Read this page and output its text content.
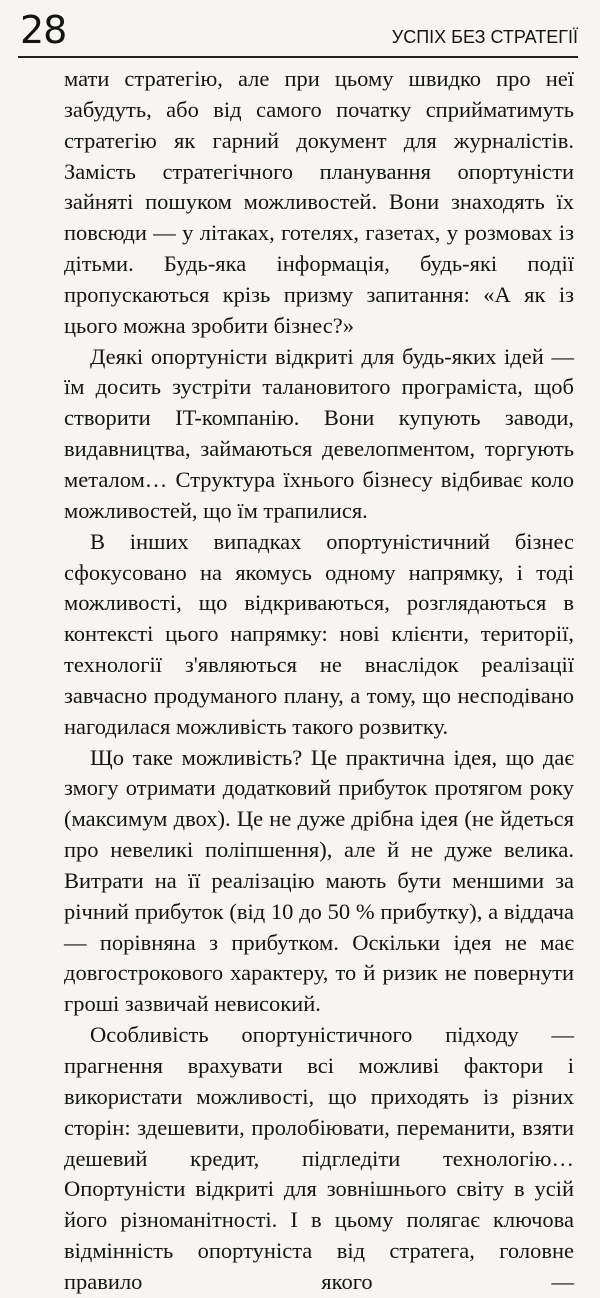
28	УСПІХ БЕЗ СТРАТЕГІЇ

мати стратегію, але при цьому швидко про неї забудуть, або від самого початку сприйматимуть стратегію як гарний документ для журналістів. Замість стратегічного планування опортуністи зайняті пошуком можливостей. Вони знаходять їх повсюди — у літаках, готелях, газетах, у розмовах із дітьми. Будь-яка інформація, будь-які події пропускаються крізь призму запитання: «А як із цього можна зробити бізнес?»

Деякі опортуністи відкриті для будь-яких ідей — їм досить зустріти талановитого програміста, щоб створити IT-компанію. Вони купують заводи, видавництва, займаються девелопментом, торгують металом… Структура їхнього бізнесу відбиває коло можливостей, що їм трапилися.

В інших випадках опортуністичний бізнес сфокусовано на якомусь одному напрямку, і тоді можливості, що відкриваються, розглядаються в контексті цього напрямку: нові клієнти, території, технології з'являються не внаслідок реалізації завчасно продуманого плану, а тому, що несподівано нагодилася можливість такого розвитку.

Що таке можливість? Це практична ідея, що дає змогу отримати додатковий прибуток протягом року (максимум двох). Це не дуже дрібна ідея (не йдеться про невеликі поліпшення), але й не дуже велика. Витрати на її реалізацію мають бути меншими за річний прибуток (від 10 до 50 % прибутку), а віддача — порівняна з прибутком. Оскільки ідея не має довгострокового характеру, то й ризик не повернути гроші зазвичай невисокий.

Особливість опортуністичного підходу — прагнення врахувати всі можливі фактори і використати можливості, що приходять із різних сторін: здешевити, пролобіювати, переманити, взяти дешевий кредит, підгледіти технологію… Опортуністи відкриті для зовнішнього світу в усій його різноманітності. І в цьому полягає ключова відмінність опортуніста від стратега, головне правило якого —
